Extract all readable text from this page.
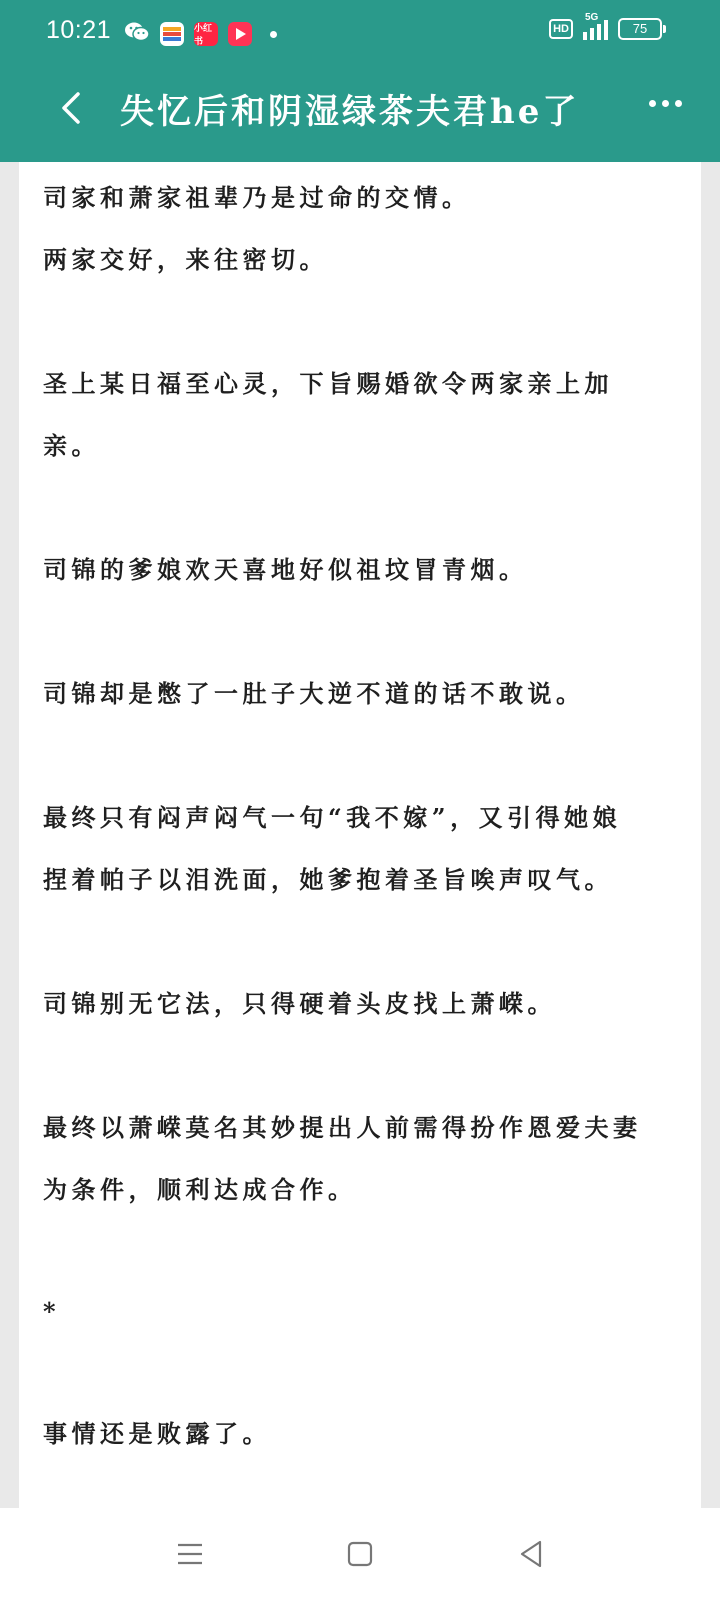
10:21	小红书
HD
5G
75
失忆后和阴湿绿茶夫君he了
司家和萧家祖辈乃是过命的交情。
两家交好，来往密切。
圣上某日福至心灵，下旨赐婚欲令两家亲上加
亲。
司锦的爹娘欢天喜地好似祖坟冒青烟。
司锦却是憋了一肚子大逆不道的话不敢说。
最终只有闷声闷气一句“我不嫁”，又引得她娘
捏着帕子以泪洗面，她爹抱着圣旨唉声叹气。
司锦别无它法，只得硬着头皮找上萧嵘。
最终以萧嵘莫名其妙提出人前需得扮作恩爱夫妻
为条件，顺利达成合作。
*
事情还是败露了。
